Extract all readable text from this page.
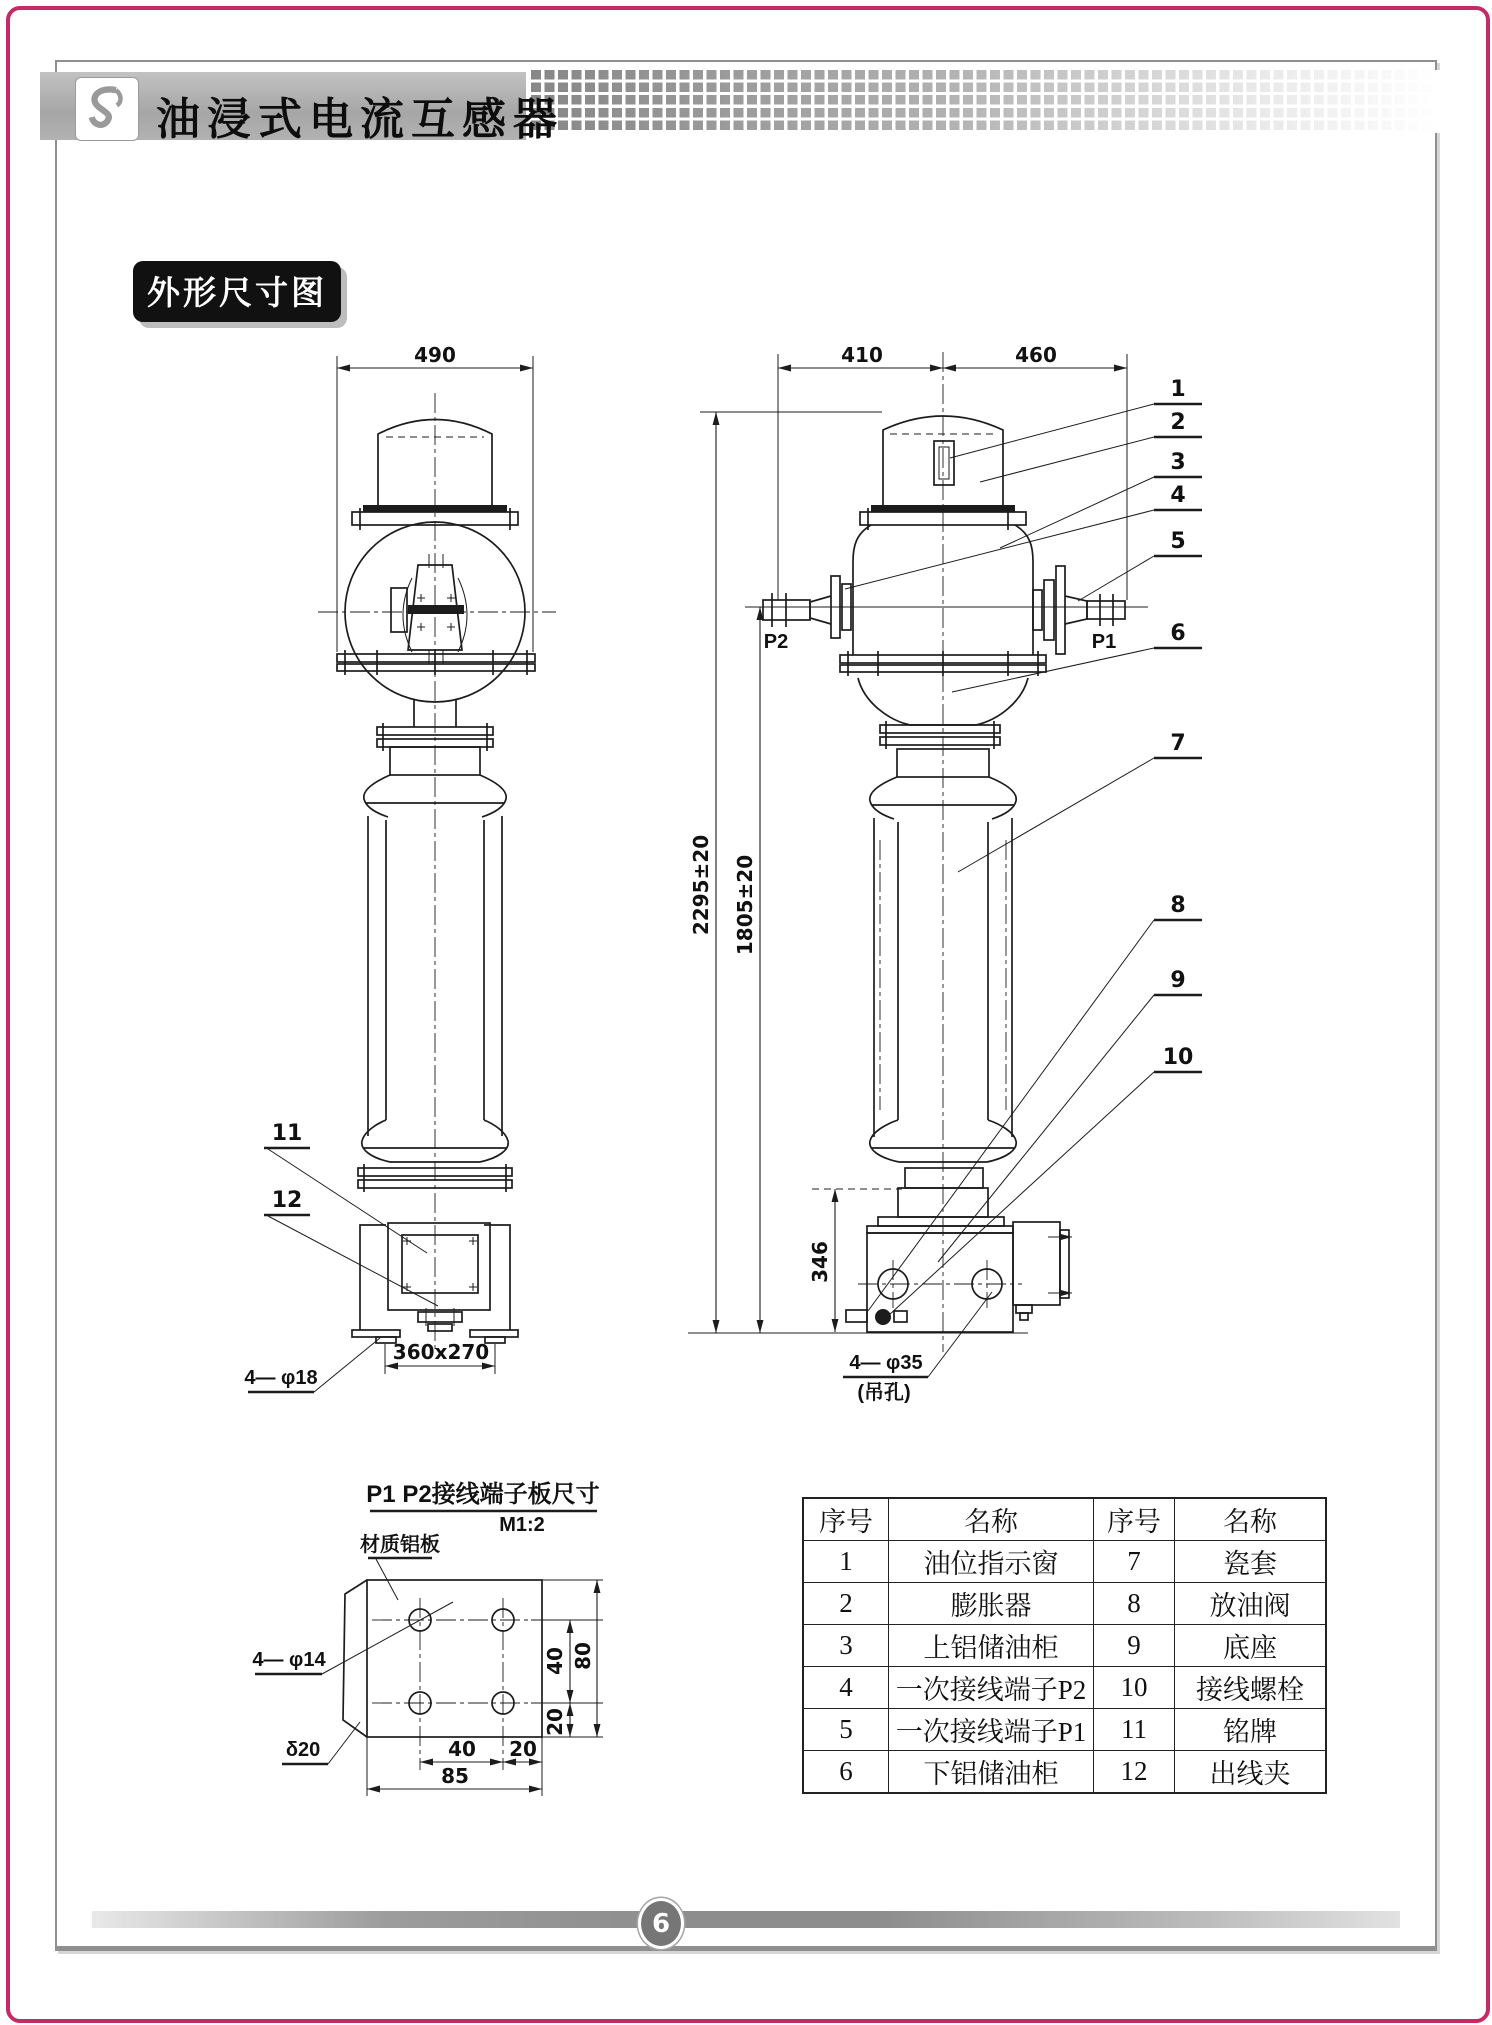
油浸式电流互感器
外形尺寸图
490
11
12
360x270
4— φ18
410	460
2295±20 1805±20
P2	P1
346
4— φ35
(吊孔)
1
2
3
4
5
6
7
8
9
10
P1 P2接线端子板尺寸
M1:2
材质铝板
4— φ14
δ20
40
20
80
40 20
85
序号	名称	序号	名称
1	油位指示窗	7	瓷套
2	膨胀器	8	放油阀
3	上铝储油柜	9	底座
4	一次接线端子P2	10	接线螺栓
5	一次接线端子P1	11	铭牌
6	下铝储油柜	12	出线夹
6
